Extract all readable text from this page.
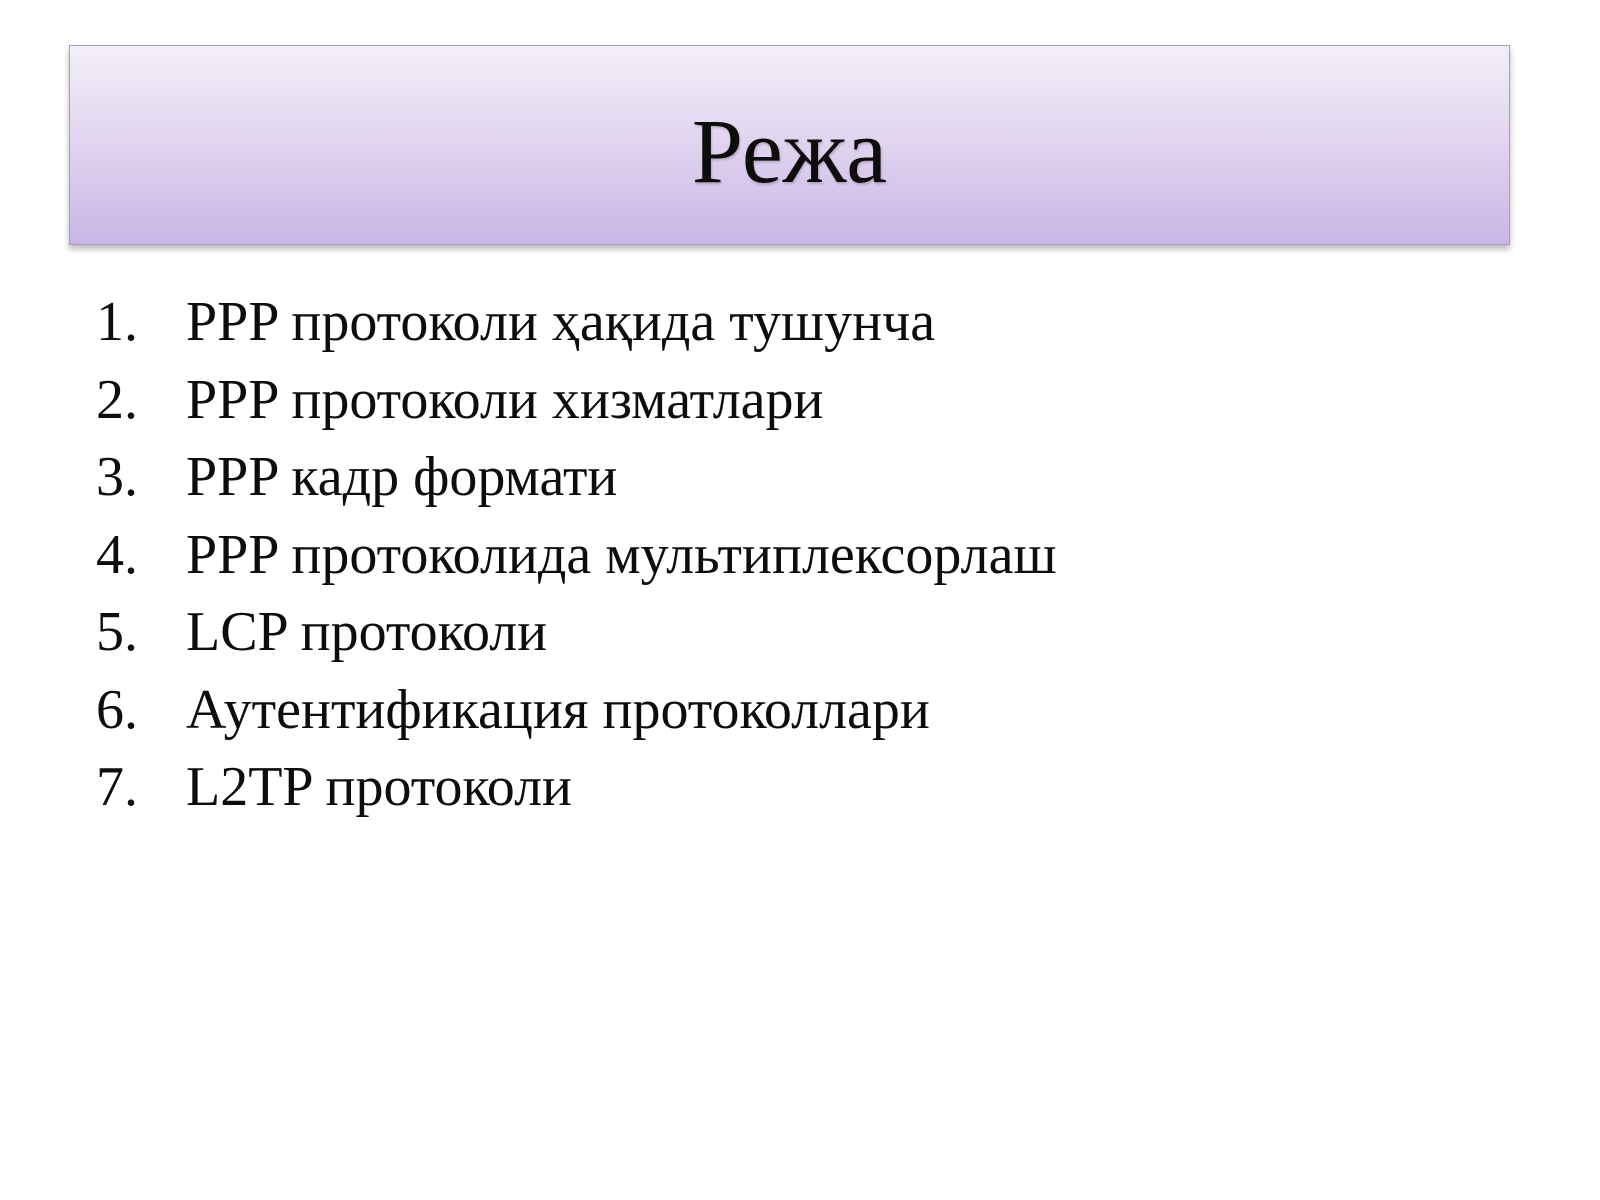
Режа
1. PPP протоколи ҳақида тушунча
2. PPP протоколи хизматлари
3. PPP кадр формати
4. PPP протоколида мультиплексорлаш
5. LCP протоколи
6. Аутентификация протоколлари
7. L2TP протоколи
